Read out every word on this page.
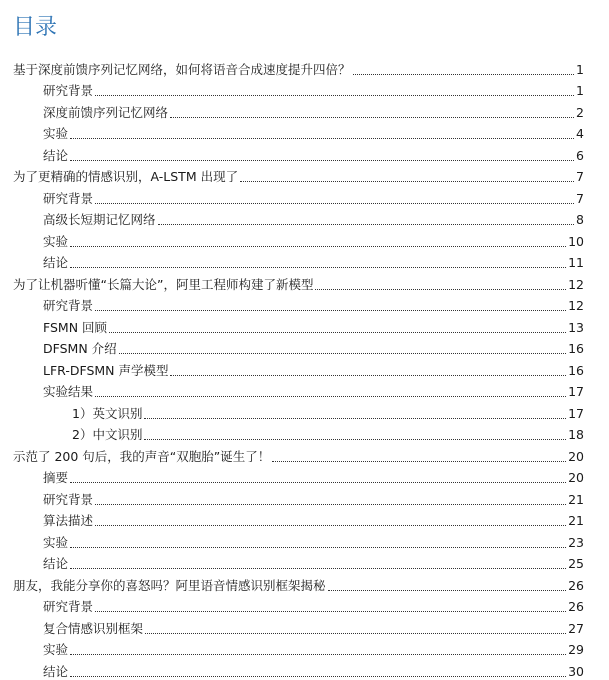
目录
基于深度前馈序列记忆网络，如何将语音合成速度提升四倍？	1
研究背景	1
深度前馈序列记忆网络	2
实验	4
结论	6
为了更精确的情感识别，A-LSTM 出现了	7
研究背景	7
高级长短期记忆网络	8
实验	10
结论	11
为了让机器听懂“长篇大论”，阿里工程师构建了新模型	12
研究背景	12
FSMN 回顾	13
DFSMN 介绍	16
LFR-DFSMN 声学模型	16
实验结果	17
1）英文识别	17
2）中文识别	18
示范了 200 句后，我的声音“双胞胎”诞生了！	20
摘要	20
研究背景	21
算法描述	21
实验	23
结论	25
朋友，我能分享你的喜怒吗？阿里语音情感识别框架揭秘	26
研究背景	26
复合情感识别框架	27
实验	29
结论	30
